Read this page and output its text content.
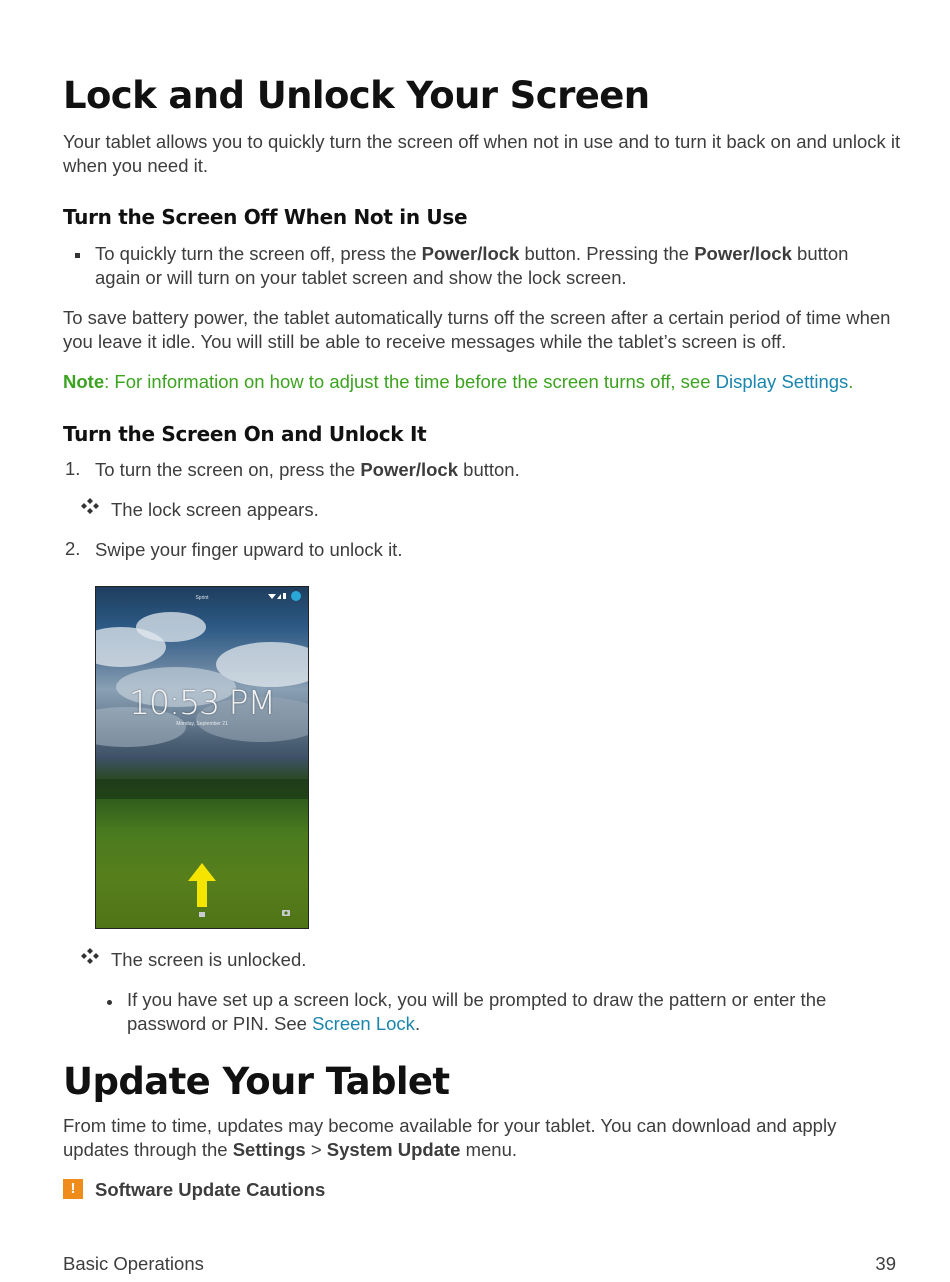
Lock and Unlock Your Screen

Your tablet allows you to quickly turn the screen off when not in use and to turn it back on and unlock it when you need it.

Turn the Screen Off When Not in Use

To quickly turn the screen off, press the Power/lock button. Pressing the Power/lock button again or will turn on your tablet screen and show the lock screen.

To save battery power, the tablet automatically turns off the screen after a certain period of time when you leave it idle. You will still be able to receive messages while the tablet’s screen is off.

Note: For information on how to adjust the time before the screen turns off, see Display Settings.

Turn the Screen On and Unlock It
1. To turn the screen on, press the Power/lock button.

The lock screen appears.

2. Swipe your finger upward to unlock it.

Sprint
10:53 PM
Monday, September 21

The screen is unlocked.

If you have set up a screen lock, you will be prompted to draw the pattern or enter the password or PIN. See Screen Lock.

Update Your Tablet

From time to time, updates may become available for your tablet. You can download and apply updates through the Settings > System Update menu.

!	Software Update Cautions

Basic Operations	39
